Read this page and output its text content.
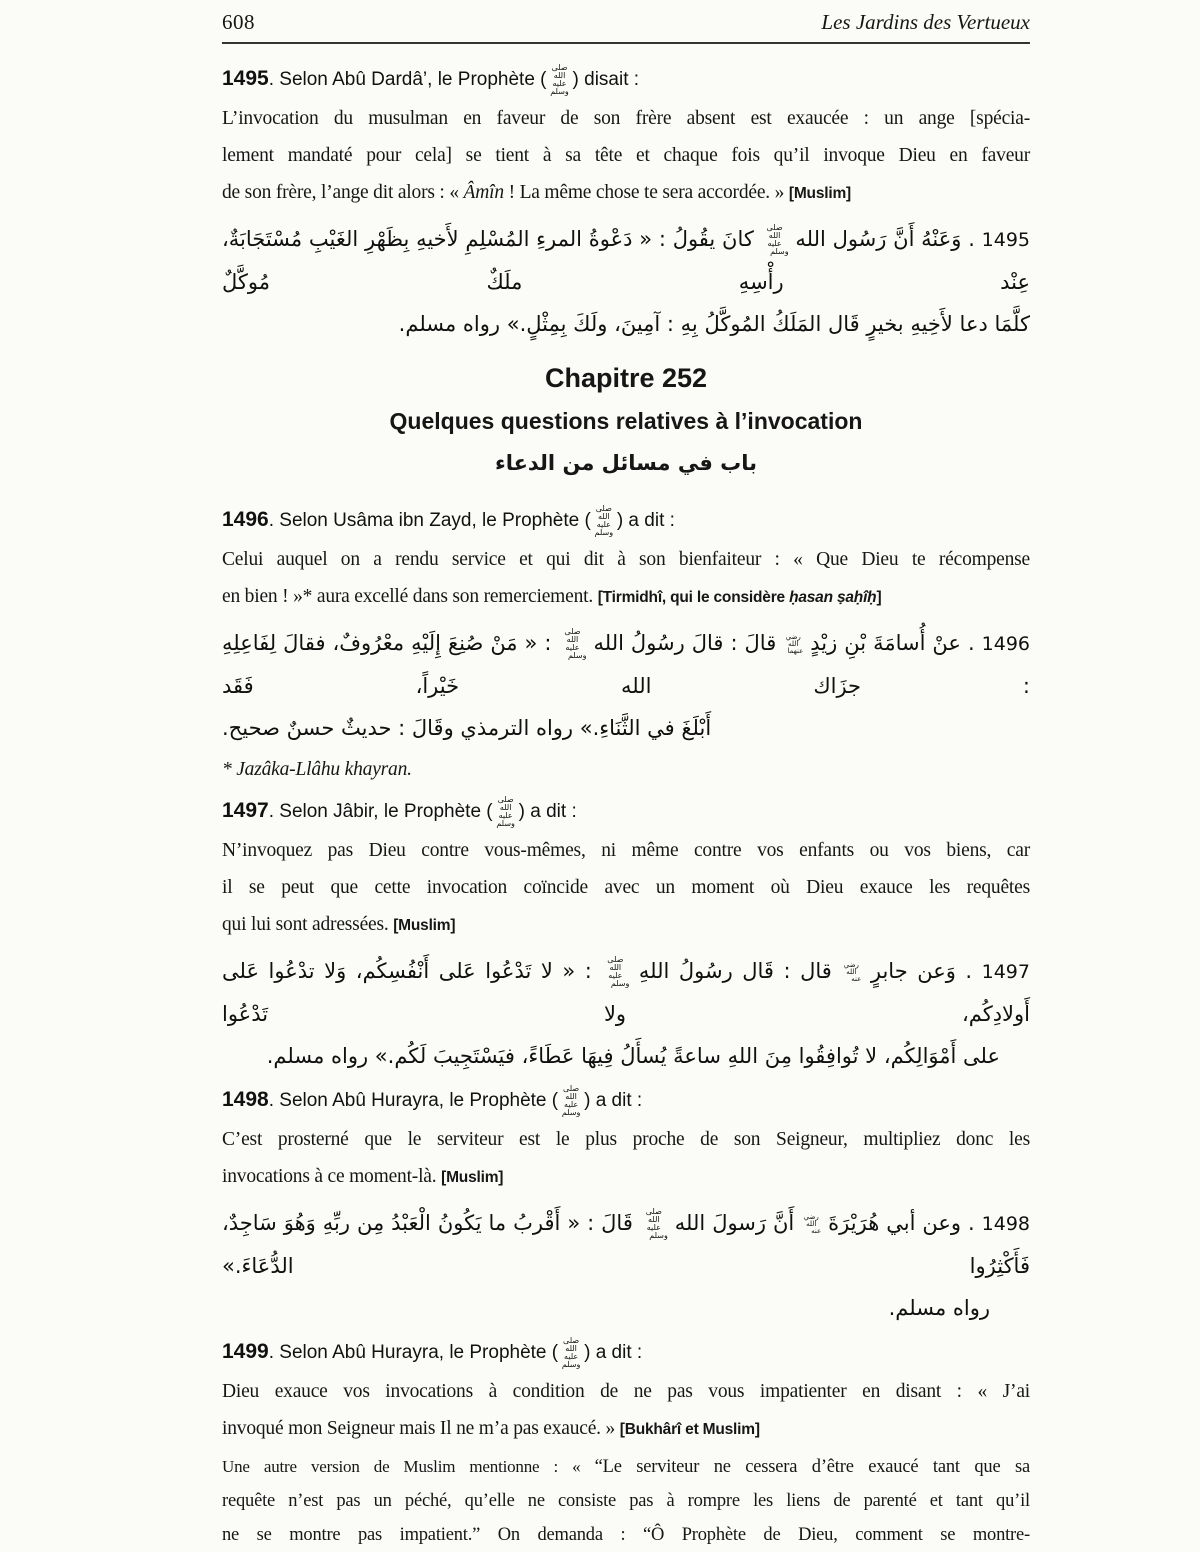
608	Les Jardins des Vertueux
1495. Selon Abû Dardâ’, le Prophète (صلى الله عليه وسلم) disait :
L’invocation du musulman en faveur de son frère absent est exaucée : un ange [spécia-
lement mandaté pour cela] se tient à sa tête et chaque fois qu’il invoque Dieu en faveur
de son frère, l’ange dit alors : « Âmîn ! La même chose te sera accordée. » [Muslim]
1495 . وَعَنْهُ أَنَّ رَسُول الله صلى الله عليه وسلم كانَ يقُولُ : « دَعْوةُ المرءِ المُسْلِمِ لأَخيهِ بِظَهْرِ الغَيْبِ مُسْتَجَابَةٌ، عِنْد رأْسِهِ ملَكٌ مُوكَّلٌ
كلَّمَا دعا لأَخِيهِ بخيرٍ قَال المَلَكُ المُوكَّلُ بِهِ : آمِينَ، ولَكَ بِمِثْلٍ.» رواه مسلم.
Chapitre 252
Quelques questions relatives à l’invocation
باب في مسائل من الدعاء
1496. Selon Usâma ibn Zayd, le Prophète (صلى الله عليه وسلم) a dit :
Celui auquel on a rendu service et qui dit à son bienfaiteur : « Que Dieu te récompense
en bien ! »* aura excellé dans son remerciement. [Tirmidhî, qui le considère ḥasan ṣaḥîḥ]
1496 . عنْ أُسامَةَ بْنِ زيْدٍ رضي الله عنهما قالَ : قالَ رسُولُ الله صلى الله عليه وسلم : « مَنْ صُنِعَ إِلَيْهِ معْرُوفٌ، فقالَ لِفَاعِلِهِ : جزَاك الله خَيْراً، فَقَد
أَبْلَغَ في الثَّنَاءِ.» رواه الترمذي وقَالَ : حديثٌ حسنٌ صحيح.
* Jazâka-Llâhu khayran.
1497. Selon Jâbir, le Prophète (صلى الله عليه وسلم) a dit :
N’invoquez pas Dieu contre vous-mêmes, ni même contre vos enfants ou vos biens, car
il se peut que cette invocation coïncide avec un moment où Dieu exauce les requêtes
qui lui sont adressées. [Muslim]
1497 . وَعن جابرٍ رضي الله عنه قال : قَال رسُولُ اللهِ صلى الله عليه وسلم : « لا تَدْعُوا عَلى أَنْفُسِكُم، وَلا تدْعُوا عَلى أَولادِكُم، ولا تَدْعُوا
على أَمْوَالِكُم، لا تُوافِقُوا مِنَ اللهِ ساعةً يُسأَلُ فِيهَا عَطَاءً، فيَسْتَجِيبَ لَكُم.» رواه مسلم.
1498. Selon Abû Hurayra, le Prophète (صلى الله عليه وسلم) a dit :
C’est prosterné que le serviteur est le plus proche de son Seigneur, multipliez donc les
invocations à ce moment-là. [Muslim]
1498 . وعن أبي هُرَيْرَةَ رضي الله عنه أَنَّ رَسولَ الله صلى الله عليه وسلم قَالَ : « أَقْربُ ما يَكُونُ الْعَبْدُ مِن ربِّهِ وَهُوَ سَاجِدٌ، فَأَكْثِرُوا الدُّعَاءَ.»
رواه مسلم.
1499. Selon Abû Hurayra, le Prophète (صلى الله عليه وسلم) a dit :
Dieu exauce vos invocations à condition de ne pas vous impatienter en disant : « J’ai
invoqué mon Seigneur mais Il ne m’a pas exaucé. » [Bukhârî et Muslim]
Une autre version de Muslim mentionne : « “Le serviteur ne cessera d’être exaucé tant que sa
requête n’est pas un péché, qu’elle ne consiste pas à rompre les liens de parenté et tant qu’il
ne se montre pas impatient.” On demanda : “Ô Prophète de Dieu, comment se montre-
